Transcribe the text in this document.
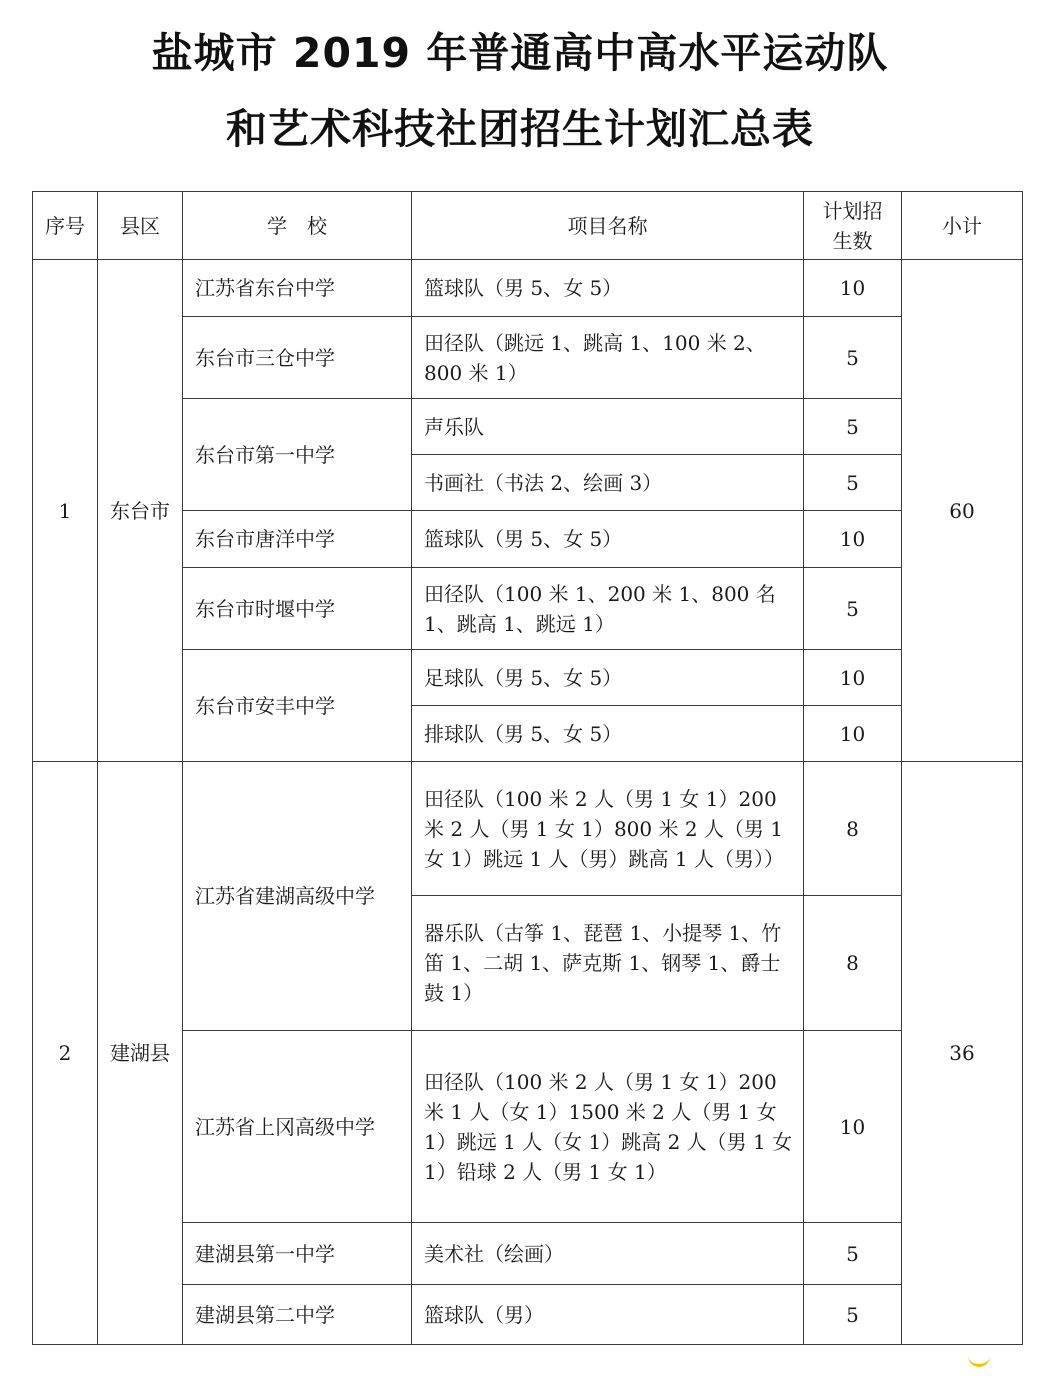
盐城市 2019 年普通高中高水平运动队
和艺术科技社团招生计划汇总表
序号	县区	学　校	项目名称	计划招生数	小计
1	东台市	江苏省东台中学	篮球队（男 5、女 5）	10	60
		东台市三仓中学	田径队（跳远 1、跳高 1、100 米 2、800 米 1）	5	
		东台市第一中学	声乐队	5	
			书画社（书法 2、绘画 3）	5	
		东台市唐洋中学	篮球队（男 5、女 5）	10	
		东台市时堰中学	田径队（100 米 1、200 米 1、800 名 1、跳高 1、跳远 1）	5	
		东台市安丰中学	足球队（男 5、女 5）	10	
			排球队（男 5、女 5）	10	
2	建湖县	江苏省建湖高级中学	田径队（100 米 2 人（男 1 女 1）200 米 2 人（男 1 女 1）800 米 2 人（男 1 女 1）跳远 1 人（男）跳高 1 人（男））	8	36
			器乐队（古筝 1、琵琶 1、小提琴 1、竹笛 1、二胡 1、萨克斯 1、钢琴 1、爵士鼓 1）	8	
		江苏省上冈高级中学	田径队（100 米 2 人（男 1 女 1）200 米 1 人（女 1）1500 米 2 人（男 1 女 1）跳远 1 人（女 1）跳高 2 人（男 1 女 1）铅球 2 人（男 1 女 1）	10	
		建湖县第一中学	美术社（绘画）	5	
		建湖县第二中学	篮球队（男）	5	
